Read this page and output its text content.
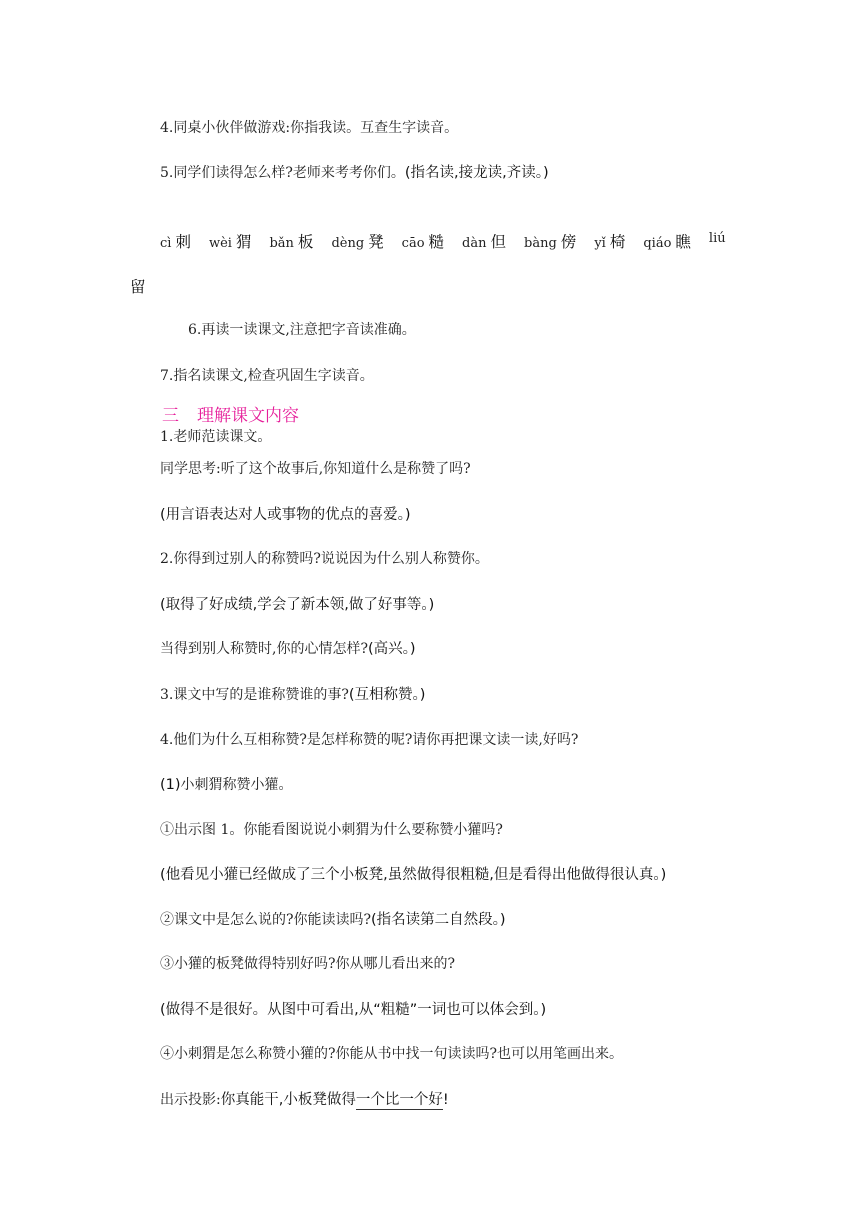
4.同桌小伙伴做游戏:你指我读。互查生字读音。
5.同学们读得怎么样?老师来考考你们。(指名读,接龙读,齐读。)
cì 刺 wèi 猬 bǎn 板 dèng 凳 cāo 糙 dàn 但 bàng 傍 yǐ 椅 qiáo 瞧 liú
留
6.再读一读课文,注意把字音读准确。
7.指名读课文,检查巩固生字读音。
三 理解课文内容
1.老师范读课文。
同学思考:听了这个故事后,你知道什么是称赞了吗?
(用言语表达对人或事物的优点的喜爱。)
2.你得到过别人的称赞吗?说说因为什么别人称赞你。
(取得了好成绩,学会了新本领,做了好事等。)
当得到别人称赞时,你的心情怎样?(高兴。)
3.课文中写的是谁称赞谁的事?(互相称赞。)
4.他们为什么互相称赞?是怎样称赞的呢?请你再把课文读一读,好吗?
(1)小刺猬称赞小獾。
①出示图 1。你能看图说说小刺猬为什么要称赞小獾吗?
(他看见小獾已经做成了三个小板凳,虽然做得很粗糙,但是看得出他做得很认真。)
②课文中是怎么说的?你能读读吗?(指名读第二自然段。)
③小獾的板凳做得特别好吗?你从哪儿看出来的?
(做得不是很好。从图中可看出,从“粗糙”一词也可以体会到。)
④小刺猬是怎么称赞小獾的?你能从书中找一句读读吗?也可以用笔画出来。
出示投影:你真能干,小板凳做得一个比一个好!
